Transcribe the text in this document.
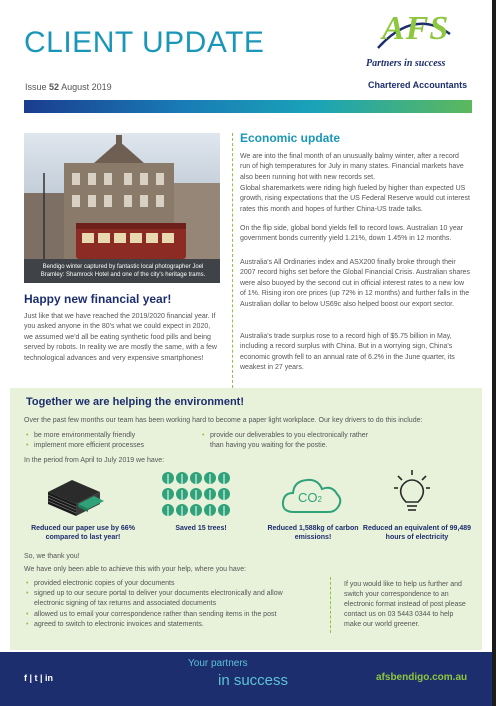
CLIENT UPDATE
Issue 52 August 2019
AFS
Partners in success
Chartered Accountants
Bendigo winter captured by fantastic local photographer Joel Bramley: Shamrock Hotel and one of the city's heritage trams.
Happy new financial year!
Just like that we have reached the 2019/2020 financial year. If you asked anyone in the 80's what we could expect in 2020, we assumed we'd all be eating synthetic food pills and being served by robots. In reality we are mostly the same, with a few technological advances and very expensive smartphones!
Economic update
We are into the final month of an unusually balmy winter, after a record run of high temperatures for July in many states. Financial markets have also been running hot with new records set.
Global sharemarkets were riding high fueled by higher than expected US growth, rising expectations that the US Federal Reserve would cut interest rates this month and hopes of further China-US trade talks.
On the flip side, global bond yields fell to record lows. Australian 10 year government bonds currently yield 1.21%, down 1.45% in 12 months.
Australia's All Ordinaries index and ASX200 finally broke through their 2007 record highs set before the Global Financial Crisis. Australian shares were also buoyed by the second cut in official interest rates to a new low of 1%. Rising iron ore prices (up 72% in 12 months) and further falls in the Australian dollar to below US69c also helped boost our export sector.
Australia's trade surplus rose to a record high of $5.75 billion in May, including a record surplus with China. But in a worrying sign, China's economic growth fell to an annual rate of 6.2% in the June quarter, its weakest in 27 years.
Together we are helping the environment!
Over the past few months our team has been working hard to become a paper light workplace. Our key drivers to do this include:
• be more environmentally friendly
• implement more efficient processes
• provide our deliverables to you electronically rather than having you waiting for the postie.
In the period from April to July 2019 we have:
CO2
Reduced our paper use by 66% compared to last year!
Saved 15 trees!	Reduced 1,588kg of carbon emissions!
Reduced an equivalent of 99,489 hours of electricity
So, we thank you!
We have only been able to achieve this with your help, where you have:
• provided electronic copies of your documents
• signed up to our secure portal to deliver your documents electronically and allow electronic signing of tax returns and associated documents
• allowed us to email your correspondence rather than sending items in the post
• agreed to switch to electronic invoices and statements.
If you would like to help us further and switch your correspondence to an electronic format instead of post please contact us on 03 5443 0344 to help make our world greener.
f | t | in
Your partners
in success	afsbendigo.com.au
